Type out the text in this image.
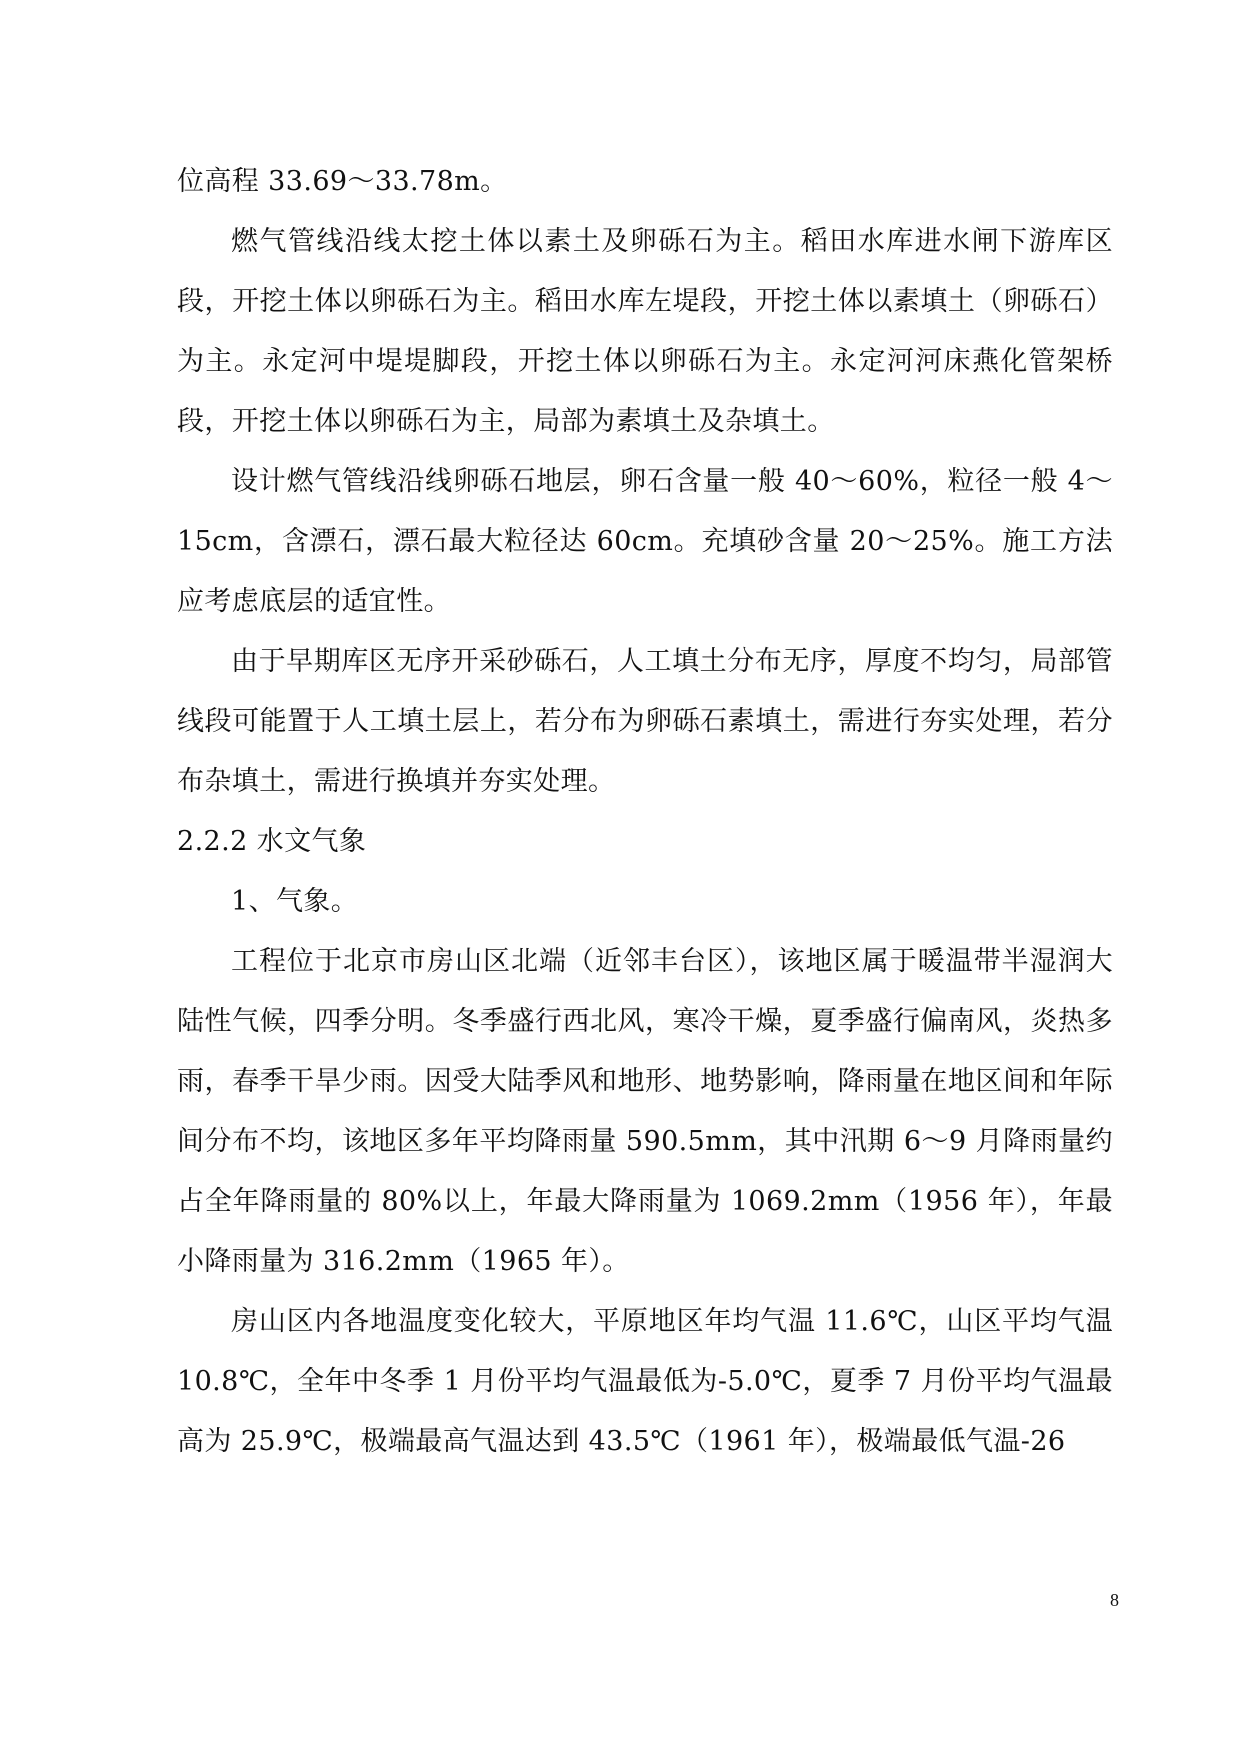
位高程 33.69～33.78m。

燃气管线沿线太挖土体以素土及卵砾石为主。稻田水库进水闸下游库区段，开挖土体以卵砾石为主。稻田水库左堤段，开挖土体以素填土（卵砾石）为主。永定河中堤堤脚段，开挖土体以卵砾石为主。永定河河床燕化管架桥段，开挖土体以卵砾石为主，局部为素填土及杂填土。

设计燃气管线沿线卵砾石地层，卵石含量一般 40～60%，粒径一般 4～15cm，含漂石，漂石最大粒径达 60cm。充填砂含量 20～25%。施工方法应考虑底层的适宜性。

由于早期库区无序开采砂砾石，人工填土分布无序，厚度不均匀，局部管线段可能置于人工填土层上，若分布为卵砾石素填土，需进行夯实处理，若分布杂填土，需进行换填并夯实处理。

2.2.2 水文气象

1、气象。

工程位于北京市房山区北端（近邻丰台区），该地区属于暖温带半湿润大陆性气候，四季分明。冬季盛行西北风，寒冷干燥，夏季盛行偏南风，炎热多雨，春季干旱少雨。因受大陆季风和地形、地势影响，降雨量在地区间和年际间分布不均，该地区多年平均降雨量 590.5mm，其中汛期 6～9 月降雨量约占全年降雨量的 80%以上，年最大降雨量为 1069.2mm（1956 年），年最小降雨量为 316.2mm（1965 年）。

房山区内各地温度变化较大，平原地区年均气温 11.6℃，山区平均气温 10.8℃，全年中冬季 1 月份平均气温最低为-5.0℃，夏季 7 月份平均气温最高为 25.9℃，极端最高气温达到 43.5℃（1961 年），极端最低气温-26

8
